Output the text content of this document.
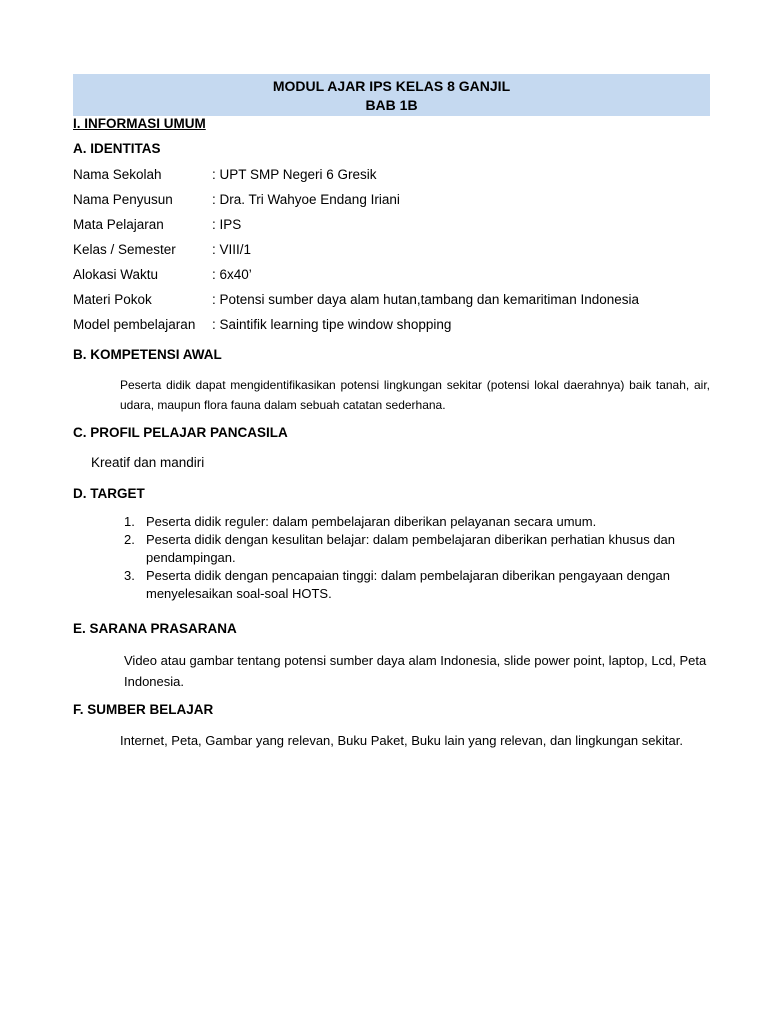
MODUL AJAR IPS KELAS 8 GANJIL
BAB 1B
I. INFORMASI UMUM
A. IDENTITAS
Nama Sekolah	: UPT SMP Negeri 6 Gresik
Nama Penyusun	: Dra. Tri Wahyoe Endang Iriani
Mata Pelajaran	: IPS
Kelas / Semester	: VIII/1
Alokasi Waktu	: 6x40’
Materi Pokok	: Potensi sumber daya alam hutan,tambang dan kemaritiman Indonesia
Model pembelajaran : Saintifik learning tipe window shopping
B. KOMPETENSI AWAL
Peserta didik dapat mengidentifikasikan potensi lingkungan sekitar (potensi lokal daerahnya) baik tanah, air, udara, maupun flora fauna dalam sebuah catatan sederhana.
C. PROFIL PELAJAR PANCASILA
Kreatif dan mandiri
D. TARGET
1. Peserta didik reguler: dalam pembelajaran diberikan pelayanan secara umum.
2. Peserta didik dengan kesulitan belajar: dalam pembelajaran diberikan perhatian khusus dan pendampingan.
3. Peserta didik dengan pencapaian tinggi: dalam pembelajaran diberikan pengayaan dengan menyelesaikan soal-soal HOTS.
E. SARANA PRASARANA
Video atau gambar tentang potensi sumber daya alam Indonesia, slide power point, laptop, Lcd, Peta Indonesia.
F. SUMBER BELAJAR
Internet, Peta, Gambar yang relevan, Buku Paket, Buku lain yang relevan, dan lingkungan sekitar.
